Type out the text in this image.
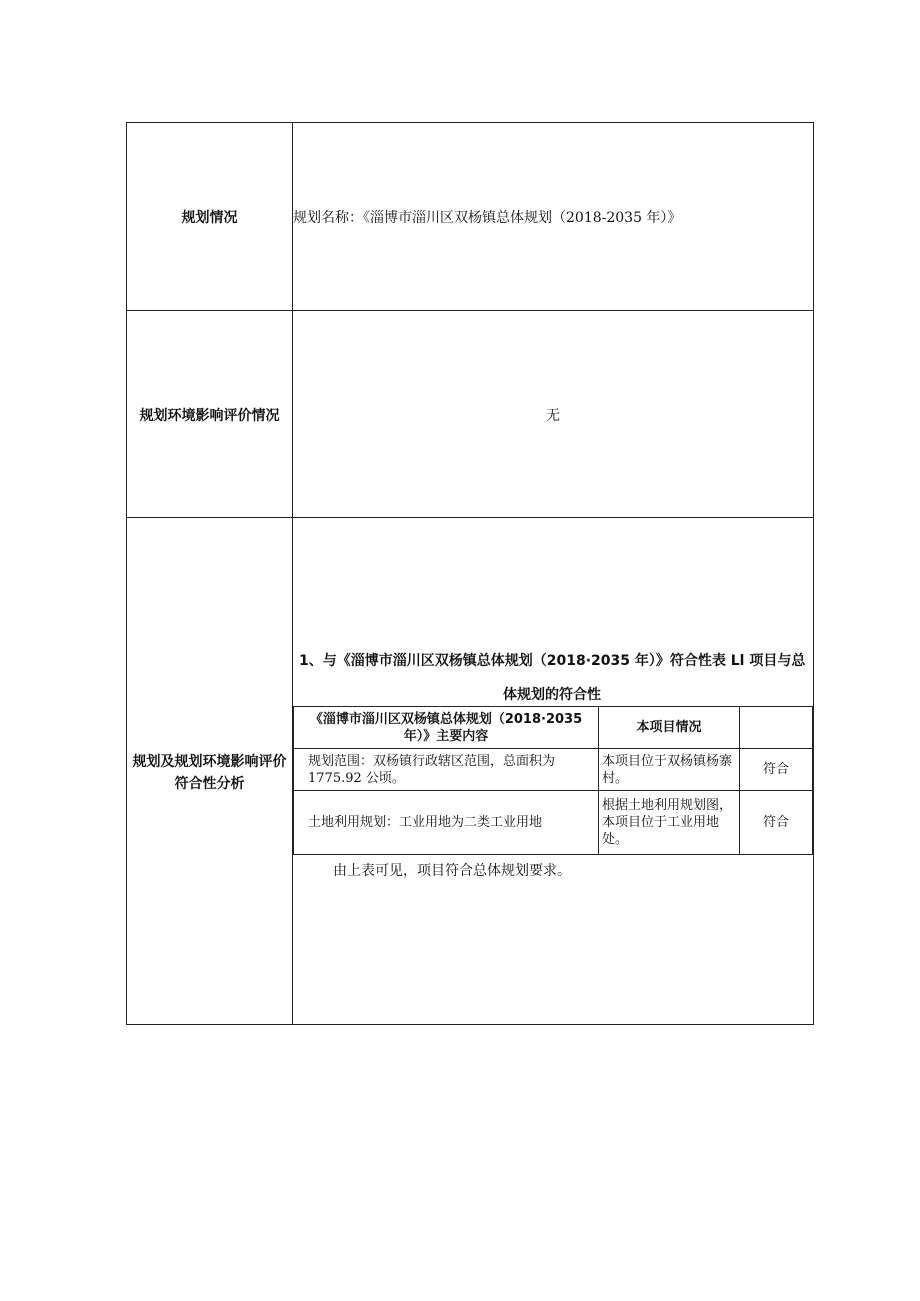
规划情况	规划名称：《淄博市淄川区双杨镇总体规划（2018-2035 年）》
规划环境影响评价情况	无
规划及规划环境影响评价
符合性分析
1、与《淄博市淄川区双杨镇总体规划（2018·2035 年）》符合性表 Ll 项目与总
体规划的符合性
《淄博市淄川区双杨镇总体规划（2018·2035 年）》主要内容	本项目情况	
规划范围：双杨镇行政辖区范围，总面积为 1775.92 公顷。	本项目位于双杨镇杨寨村。	符合
土地利用规划：工业用地为二类工业用地	根据土地利用规划图，本项目位于工业用地处。	符合
由上表可见，项目符合总体规划要求。
